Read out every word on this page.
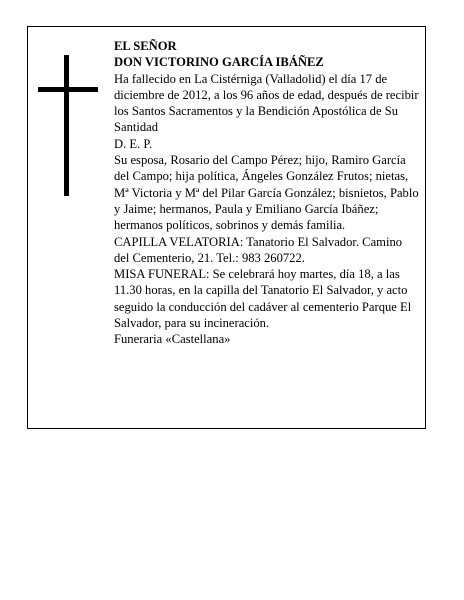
EL SEÑOR

DON VICTORINO GARCÍA IBÁÑEZ

Ha fallecido en La Cistérniga (Valladolid) el día 17 de diciembre de 2012, a los 96 años de edad, después de recibir los Santos Sacramentos y la Bendición Apostólica de Su Santidad

D. E. P.

Su esposa, Rosario del Campo Pérez; hijo, Ramiro García del Campo; hija política, Ángeles González Frutos; nietas, Mª Victoria y Mª del Pilar García González; bisnietos, Pablo y Jaime; hermanos, Paula y Emiliano García Ibáñez; hermanos políticos, sobrinos y demás familia.

CAPILLA VELATORIA: Tanatorio El Salvador. Camino del Cementerio, 21. Tel.: 983 260722.

MISA FUNERAL: Se celebrará hoy martes, día 18, a las 11.30 horas, en la capilla del Tanatorio El Salvador, y acto seguido la conducción del cadáver al cementerio Parque El Salvador, para su incineración.

Funeraria «Castellana»
